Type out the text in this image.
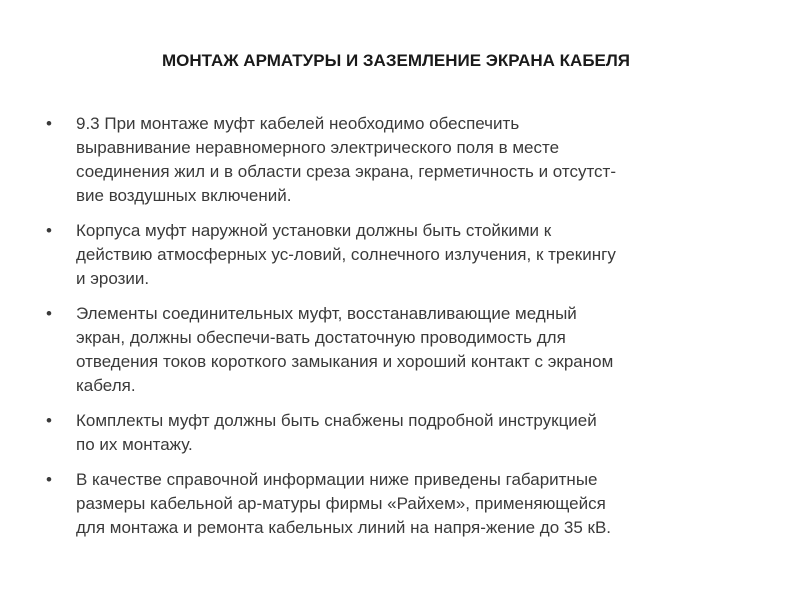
МОНТАЖ АРМАТУРЫ И ЗАЗЕМЛЕНИЕ ЭКРАНА КАБЕЛЯ
• 9.3 При монтаже муфт кабелей необходимо обеспечить
выравнивание неравномерного электрического поля в месте
соединения жил и в области среза экрана, герметичность и отсутст-
вие воздушных включений.
• Корпуса муфт наружной установки должны быть стойкими к
действию атмосферных ус-ловий, солнечного излучения, к трекингу
и эрозии.
• Элементы соединительных муфт, восстанавливающие медный
экран, должны обеспечи-вать достаточную проводимость для
отведения токов короткого замыкания и хороший контакт с экраном
кабеля.
• Комплекты муфт должны быть снабжены подробной инструкцией
по их монтажу.
• В качестве справочной информации ниже приведены габаритные
размеры кабельной ар-матуры фирмы «Райхем», применяющейся
для монтажа и ремонта кабельных линий на напря-жение до 35 кВ.
